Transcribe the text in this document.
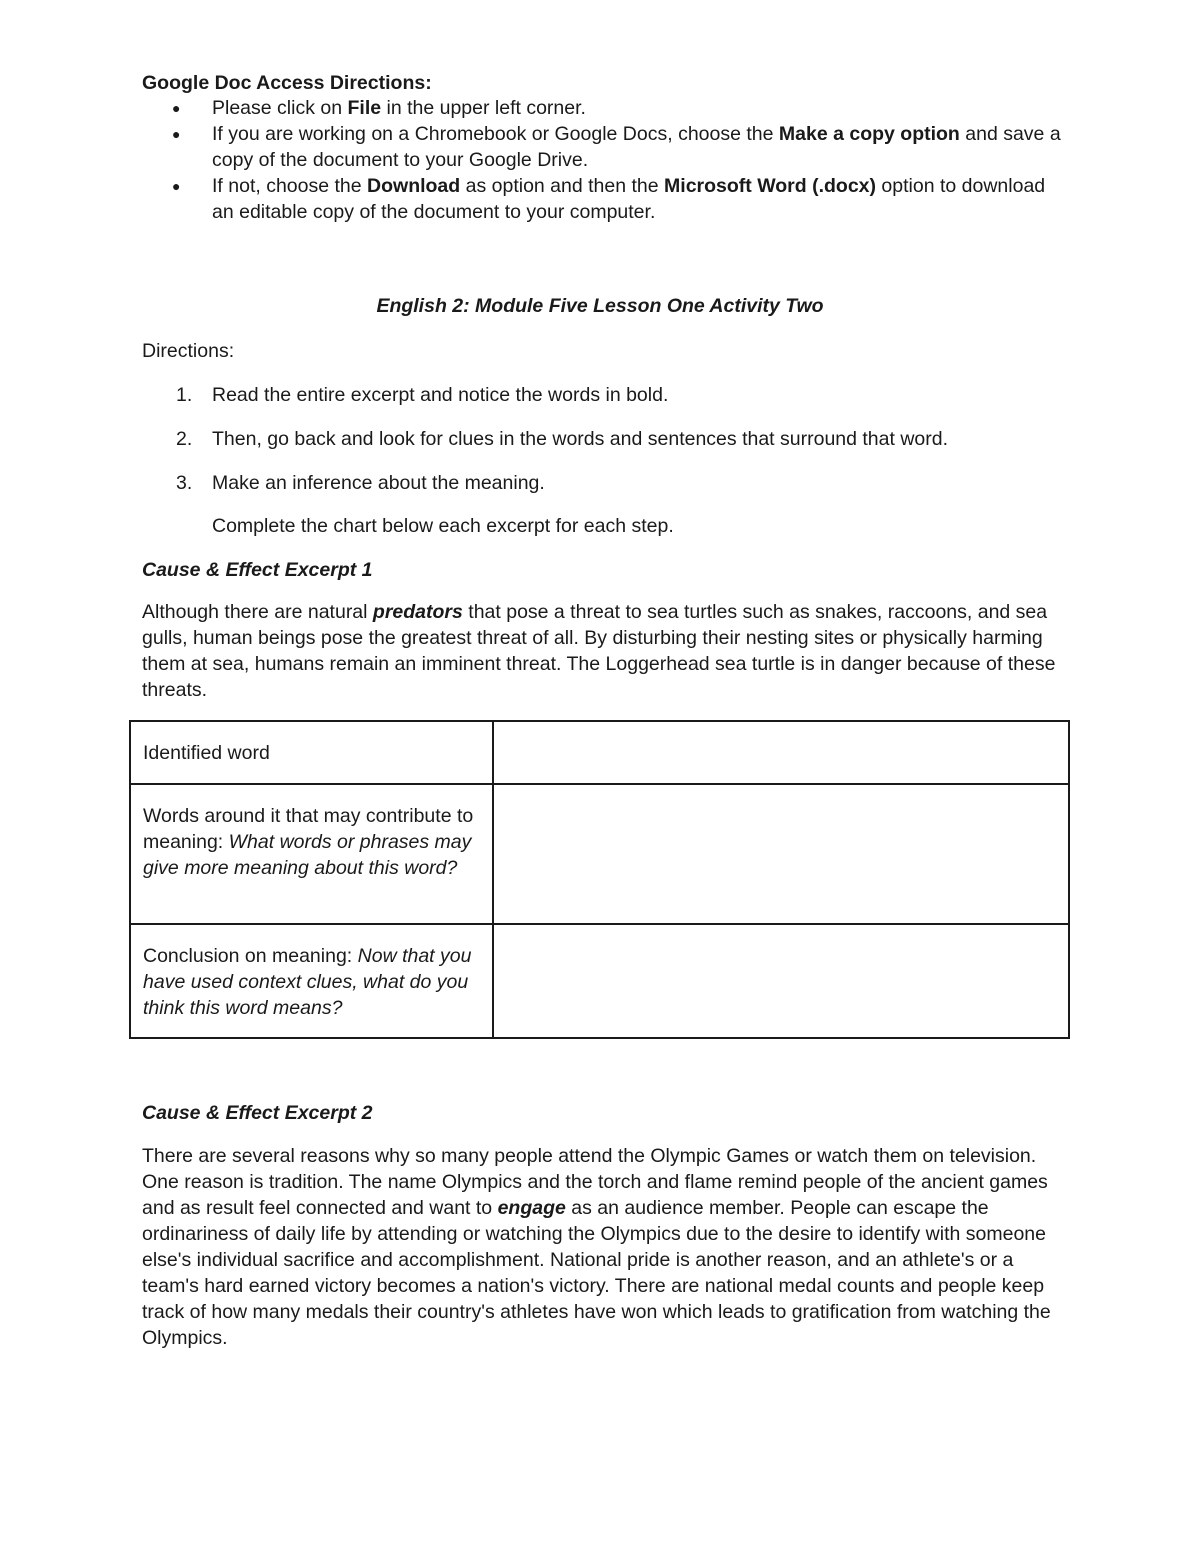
Google Doc Access Directions:
● Please click on File in the upper left corner.
● If you are working on a Chromebook or Google Docs, choose the Make a copy option and save a copy of the document to your Google Drive.
● If not, choose the Download as option and then the Microsoft Word (.docx) option to download an editable copy of the document to your computer.
English 2: Module Five Lesson One Activity Two
Directions:
1. Read the entire excerpt and notice the words in bold.
2. Then, go back and look for clues in the words and sentences that surround that word.
3. Make an inference about the meaning.
Complete the chart below each excerpt for each step.
Cause & Effect Excerpt 1
Although there are natural predators that pose a threat to sea turtles such as snakes, raccoons, and sea gulls, human beings pose the greatest threat of all. By disturbing their nesting sites or physically harming them at sea, humans remain an imminent threat. The Loggerhead sea turtle is in danger because of these threats.
Identified word	
Words around it that may contribute to meaning: What words or phrases may give more meaning about this word?	
Conclusion on meaning: Now that you have used context clues, what do you think this word means?	
Cause & Effect Excerpt 2
There are several reasons why so many people attend the Olympic Games or watch them on television. One reason is tradition. The name Olympics and the torch and flame remind people of the ancient games and as result feel connected and want to engage as an audience member. People can escape the ordinariness of daily life by attending or watching the Olympics due to the desire to identify with someone else's individual sacrifice and accomplishment. National pride is another reason, and an athlete's or a team's hard earned victory becomes a nation's victory. There are national medal counts and people keep track of how many medals their country's athletes have won which leads to gratification from watching the Olympics.
